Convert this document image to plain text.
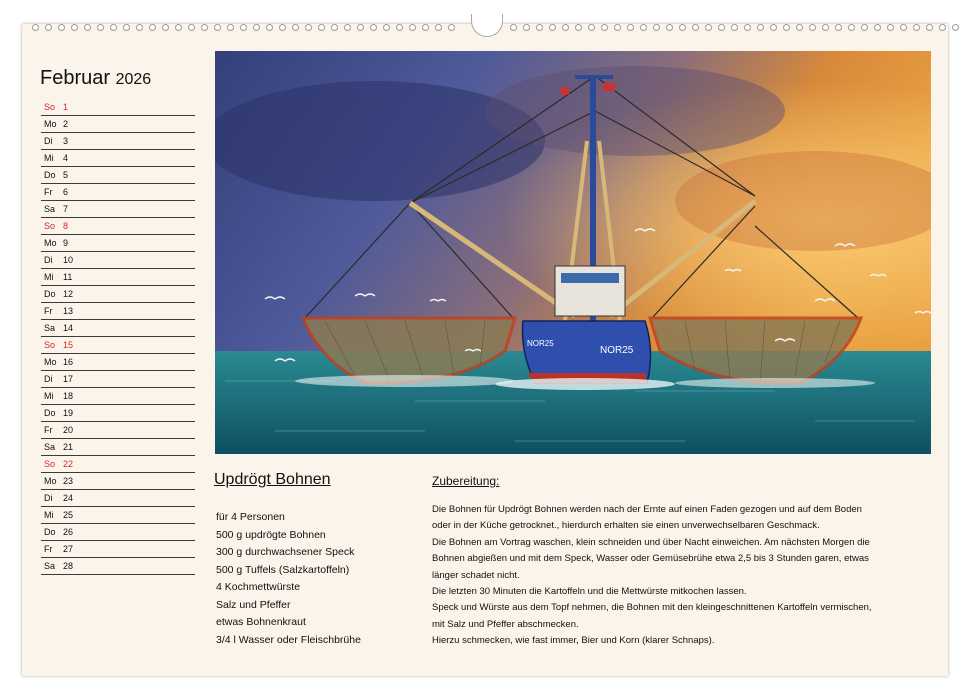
Februar 2026
So 1
Mo 2
Di 3
Mi 4
Do 5
Fr 6
Sa 7
So 8
Mo 9
Di 10
Mi 11
Do 12
Fr 13
Sa 14
So 15
Mo 16
Di 17
Mi 18
Do 19
Fr 20
Sa 21
So 22
Mo 23
Di 24
Mi 25
Do 26
Fr 27
Sa 28
NOR25
NOR25
Updrögt Bohnen
für 4 Personen
500 g updrögte Bohnen
300 g durchwachsener Speck
500 g Tuffels (Salzkartoffeln)
4 Kochmettwürste
Salz und Pfeffer
etwas Bohnenkraut
3/4 l Wasser oder Fleischbrühe
Zubereitung:
Die Bohnen für Updrögt Bohnen werden nach der Ernte auf einen Faden gezogen und auf dem Boden
oder in der Küche getrocknet., hierdurch erhalten sie einen unverwechselbaren Geschmack.
Die Bohnen am Vortrag waschen, klein schneiden und über Nacht einweichen. Am nächsten Morgen die
Bohnen abgießen und mit dem Speck, Wasser oder Gemüsebrühe etwa 2,5 bis 3 Stunden garen, etwas
länger schadet nicht.
Die letzten 30 Minuten die Kartoffeln und die Mettwürste mitkochen lassen.
Speck und Würste aus dem Topf nehmen, die Bohnen mit den kleingeschnittenen Kartoffeln vermischen,
mit Salz und Pfeffer abschmecken.
Hierzu schmecken, wie fast immer, Bier und Korn (klarer Schnaps).
